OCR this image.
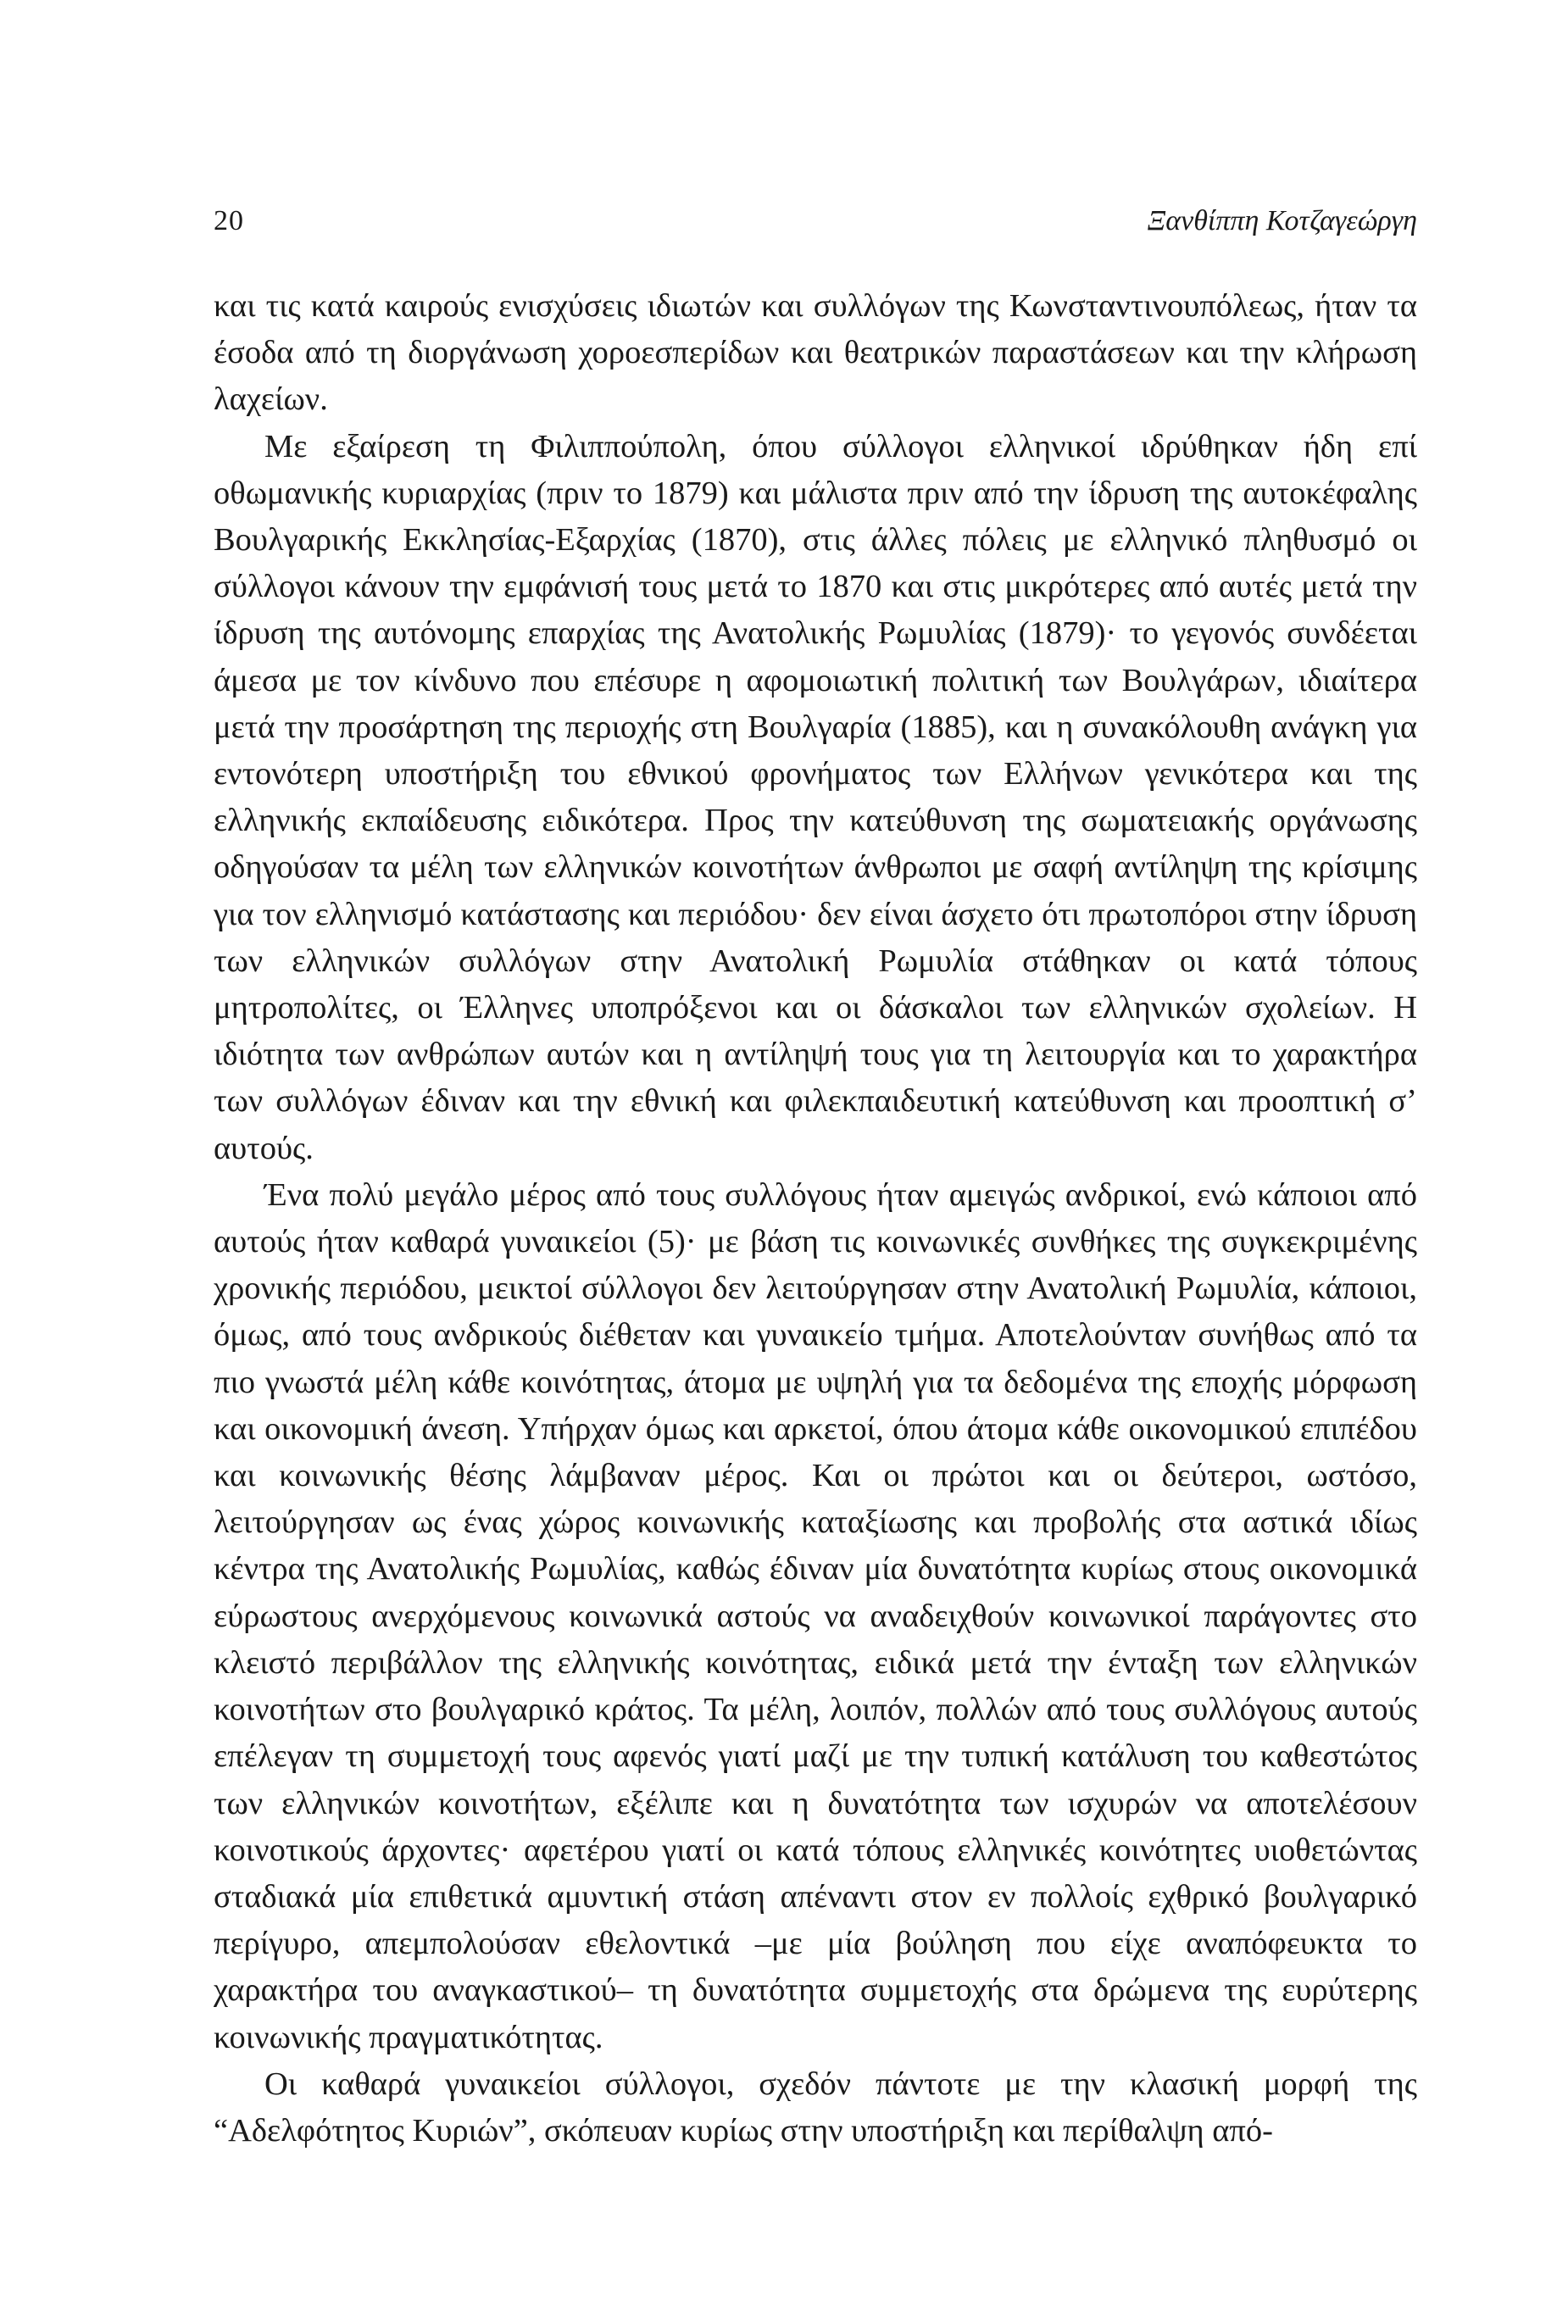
20	Ξανθίππη Κοτζαγεώργη

και τις κατά καιρούς ενισχύσεις ιδιωτών και συλλόγων της Κωνσταντινουπόλεως, ήταν τα έσοδα από τη διοργάνωση χοροεσπερίδων και θεατρικών παραστάσεων και την κλήρωση λαχείων.

Με εξαίρεση τη Φιλιππούπολη, όπου σύλλογοι ελληνικοί ιδρύθηκαν ήδη επί οθωμανικής κυριαρχίας (πριν το 1879) και μάλιστα πριν από την ίδρυση της αυτοκέφαλης Βουλγαρικής Εκκλησίας-Εξαρχίας (1870), στις άλλες πόλεις με ελληνικό πληθυσμό οι σύλλογοι κάνουν την εμφάνισή τους μετά το 1870 και στις μικρότερες από αυτές μετά την ίδρυση της αυτόνομης επαρχίας της Ανατολικής Ρωμυλίας (1879)· το γεγονός συνδέεται άμεσα με τον κίνδυνο που επέσυρε η αφομοιωτική πολιτική των Βουλγάρων, ιδιαίτερα μετά την προσάρτηση της περιοχής στη Βουλγαρία (1885), και η συνακόλουθη ανάγκη για εντονότερη υποστήριξη του εθνικού φρονήματος των Ελλήνων γενικότερα και της ελληνικής εκπαίδευσης ειδικότερα. Προς την κατεύθυνση της σωματειακής οργάνωσης οδηγούσαν τα μέλη των ελληνικών κοινοτήτων άνθρωποι με σαφή αντίληψη της κρίσιμης για τον ελληνισμό κατάστασης και περιόδου· δεν είναι άσχετο ότι πρωτοπόροι στην ίδρυση των ελληνικών συλλόγων στην Ανατολική Ρωμυλία στάθηκαν οι κατά τόπους μητροπολίτες, οι Έλληνες υποπρόξενοι και οι δάσκαλοι των ελληνικών σχολείων. Η ιδιότητα των ανθρώπων αυτών και η αντίληψή τους για τη λειτουργία και το χαρακτήρα των συλλόγων έδιναν και την εθνική και φιλεκπαιδευτική κατεύθυνση και προοπτική σ’ αυτούς.

Ένα πολύ μεγάλο μέρος από τους συλλόγους ήταν αμειγώς ανδρικοί, ενώ κάποιοι από αυτούς ήταν καθαρά γυναικείοι (5)· με βάση τις κοινωνικές συνθήκες της συγκεκριμένης χρονικής περιόδου, μεικτοί σύλλογοι δεν λειτούργησαν στην Ανατολική Ρωμυλία, κάποιοι, όμως, από τους ανδρικούς διέθεταν και γυναικείο τμήμα. Αποτελούνταν συνήθως από τα πιο γνωστά μέλη κάθε κοινότητας, άτομα με υψηλή για τα δεδομένα της εποχής μόρφωση και οικονομική άνεση. Υπήρχαν όμως και αρκετοί, όπου άτομα κάθε οικονομικού επιπέδου και κοινωνικής θέσης λάμβαναν μέρος. Και οι πρώτοι και οι δεύτεροι, ωστόσο, λειτούργησαν ως ένας χώρος κοινωνικής καταξίωσης και προβολής στα αστικά ιδίως κέντρα της Ανατολικής Ρωμυλίας, καθώς έδιναν μία δυνατότητα κυρίως στους οικονομικά εύρωστους ανερχόμενους κοινωνικά αστούς να αναδειχθούν κοινωνικοί παράγοντες στο κλειστό περιβάλλον της ελληνικής κοινότητας, ειδικά μετά την ένταξη των ελληνικών κοινοτήτων στο βουλγαρικό κράτος. Τα μέλη, λοιπόν, πολλών από τους συλλόγους αυτούς επέλεγαν τη συμμετοχή τους αφενός γιατί μαζί με την τυπική κατάλυση του καθεστώτος των ελληνικών κοινοτήτων, εξέλιπε και η δυνατότητα των ισχυρών να αποτελέσουν κοινοτικούς άρχοντες· αφετέρου γιατί οι κατά τόπους ελληνικές κοινότητες υιοθετώντας σταδιακά μία επιθετικά αμυντική στάση απέναντι στον εν πολλοίς εχθρικό βουλγαρικό περίγυρο, απεμπολούσαν εθελοντικά –με μία βούληση που είχε αναπόφευκτα το χαρακτήρα του αναγκαστικού– τη δυνατότητα συμμετοχής στα δρώμενα της ευρύτερης κοινωνικής πραγματικότητας.

Οι καθαρά γυναικείοι σύλλογοι, σχεδόν πάντοτε με την κλασική μορφή της “Αδελφότητος Κυριών”, σκόπευαν κυρίως στην υποστήριξη και περίθαλψη από-
